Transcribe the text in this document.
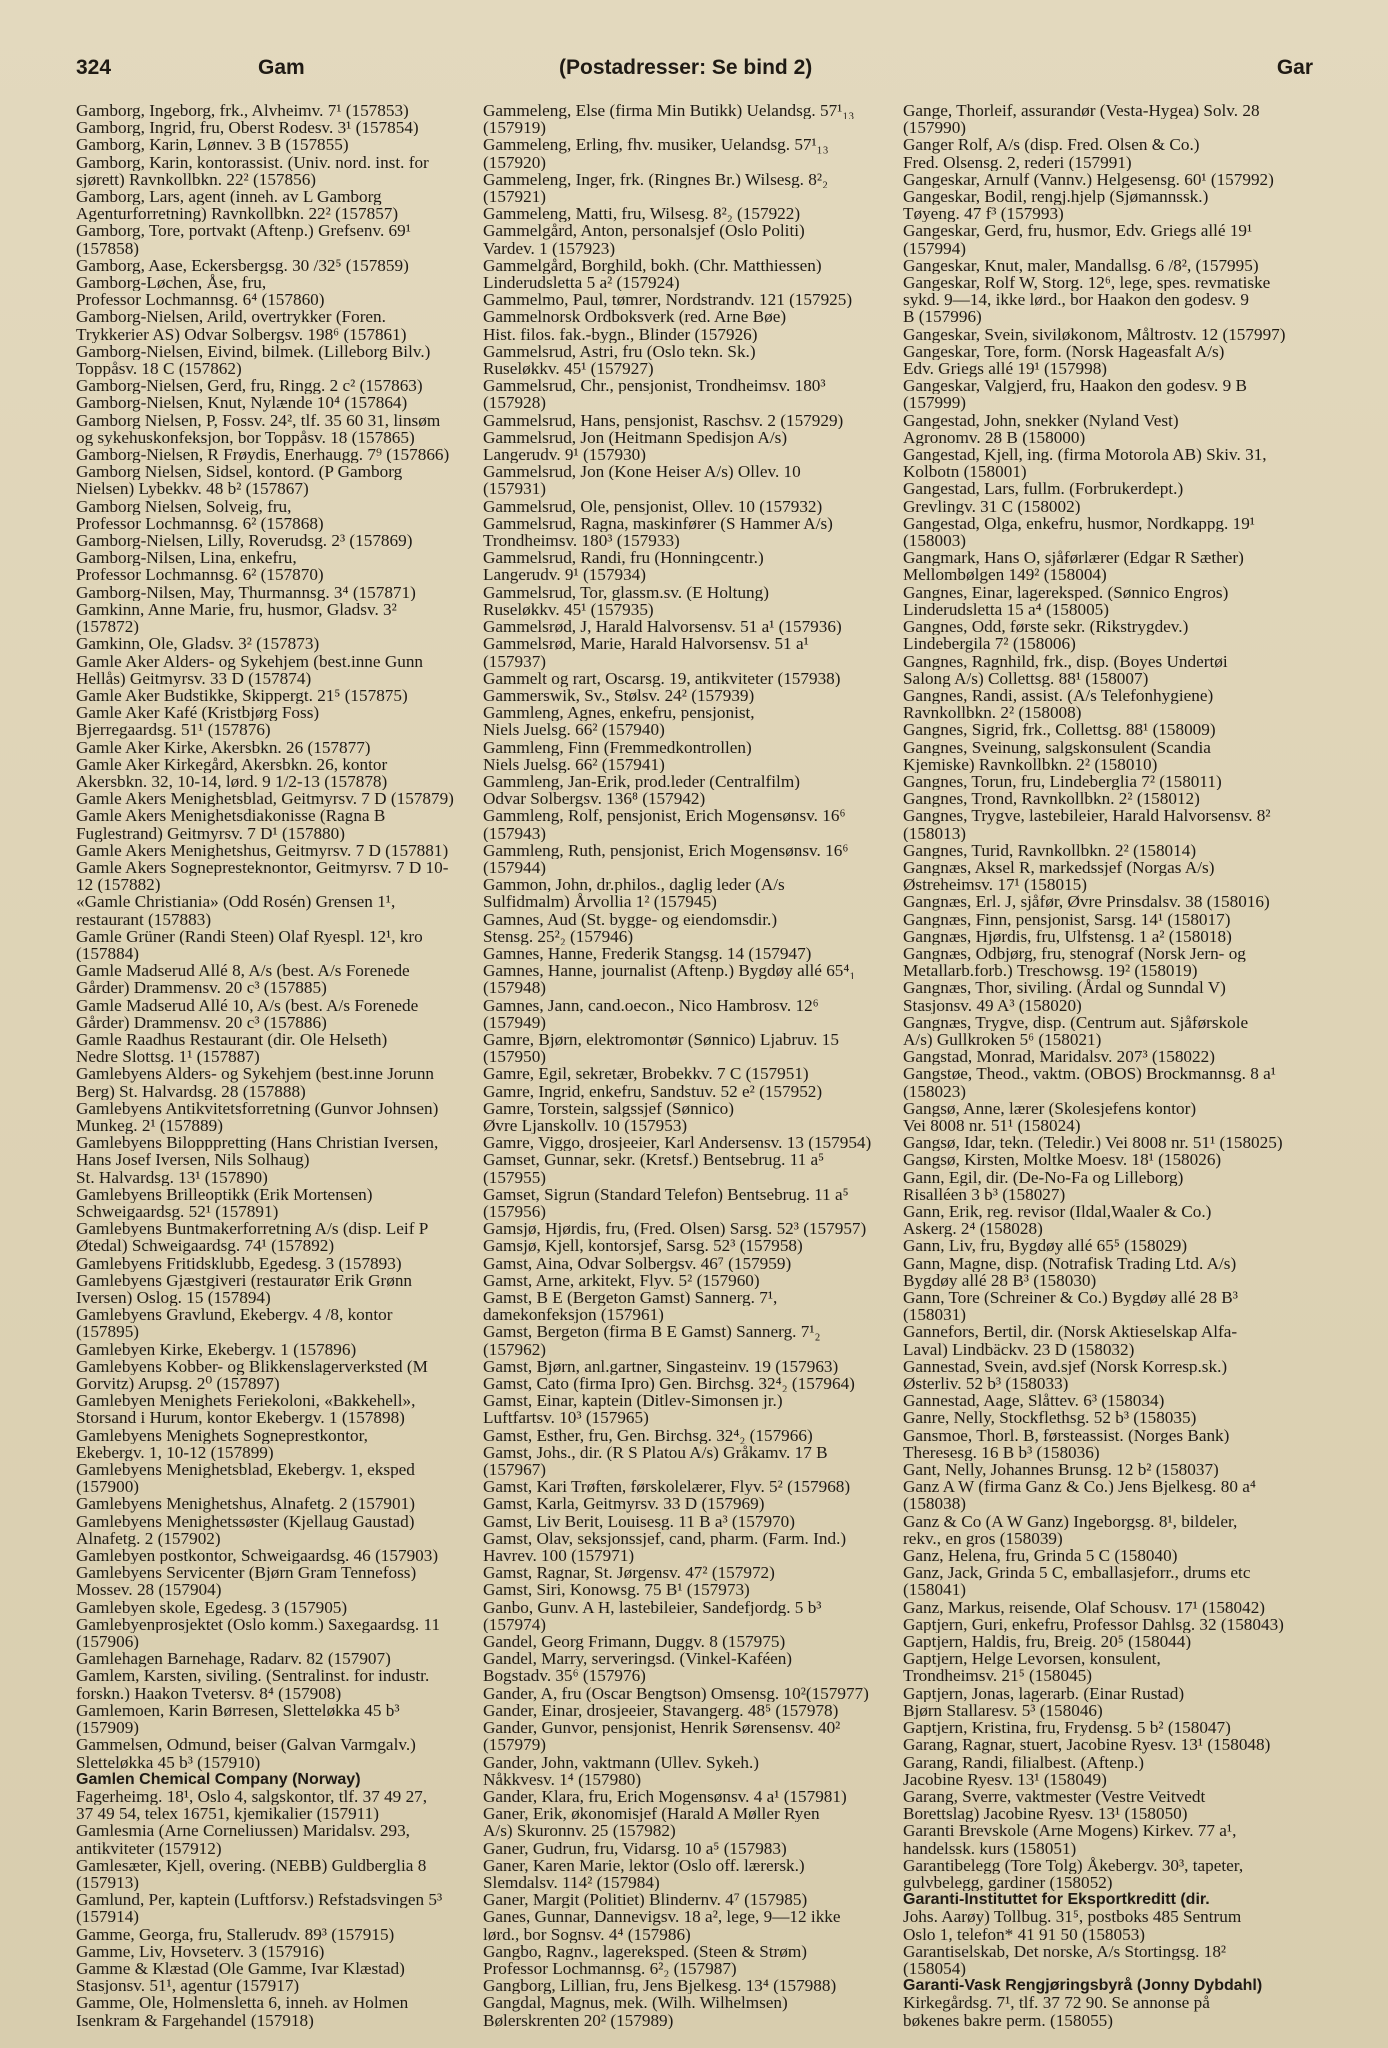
324	Gam	(Postadresser: Se bind 2)	Gar
Gamborg, Ingeborg, frk., Alvheimv. 7¹ (157853)
Gamborg, Ingrid, fru, Oberst Rodesv. 3¹ (157854)
Gamborg, Karin, Lønnev. 3 B (157855)
Gamborg, Karin, kontorassist. (Univ. nord. inst. for
sjørett) Ravnkollbkn. 22² (157856)
Gamborg, Lars, agent (inneh. av L Gamborg
Agenturforretning) Ravnkollbkn. 22² (157857)
Gamborg, Tore, portvakt (Aftenp.) Grefsenv. 69¹
(157858)
Gamborg, Aase, Eckersbergsg. 30 /32⁵ (157859)
Gamborg-Løchen, Åse, fru,
Professor Lochmannsg. 6⁴ (157860)
Gamborg-Nielsen, Arild, overtrykker (Foren.
Trykkerier AS) Odvar Solbergsv. 198⁶ (157861)
Gamborg-Nielsen, Eivind, bilmek. (Lilleborg Bilv.)
Toppåsv. 18 C (157862)
Gamborg-Nielsen, Gerd, fru, Ringg. 2 c² (157863)
Gamborg-Nielsen, Knut, Nylænde 10⁴ (157864)
Gamborg Nielsen, P, Fossv. 24², tlf. 35 60 31, linsøm
og sykehuskonfeksjon, bor Toppåsv. 18 (157865)
Gamborg-Nielsen, R Frøydis, Enerhaugg. 7⁹ (157866)
Gamborg Nielsen, Sidsel, kontord. (P Gamborg
Nielsen) Lybekkv. 48 b² (157867)
Gamborg Nielsen, Solveig, fru,
Professor Lochmannsg. 6² (157868)
Gamborg-Nielsen, Lilly, Roverudsg. 2³ (157869)
Gamborg-Nilsen, Lina, enkefru,
Professor Lochmannsg. 6² (157870)
Gamborg-Nilsen, May, Thurmannsg. 3⁴ (157871)
Gamkinn, Anne Marie, fru, husmor, Gladsv. 3²
(157872)
Gamkinn, Ole, Gladsv. 3² (157873)
Gamle Aker Alders- og Sykehjem (best.inne Gunn
Hellås) Geitmyrsv. 33 D (157874)
Gamle Aker Budstikke, Skippergt. 21⁵ (157875)
Gamle Aker Kafé (Kristbjørg Foss)
Bjerregaardsg. 51¹ (157876)
Gamle Aker Kirke, Akersbkn. 26 (157877)
Gamle Aker Kirkegård, Akersbkn. 26, kontor
Akersbkn. 32, 10-14, lørd. 9 1/2-13 (157878)
Gamle Akers Menighetsblad, Geitmyrsv. 7 D (157879)
Gamle Akers Menighetsdiakonisse (Ragna B
Fuglestrand) Geitmyrsv. 7 D¹ (157880)
Gamle Akers Menighetshus, Geitmyrsv. 7 D (157881)
Gamle Akers Sognepresteknontor, Geitmyrsv. 7 D 10-
12 (157882)
«Gamle Christiania» (Odd Rosén) Grensen 1¹,
restaurant (157883)
Gamle Grüner (Randi Steen) Olaf Ryespl. 12¹, kro
(157884)
Gamle Madserud Allé 8, A/s (best. A/s Forenede
Gårder) Drammensv. 20 c³ (157885)
Gamle Madserud Allé 10, A/s (best. A/s Forenede
Gårder) Drammensv. 20 c³ (157886)
Gamle Raadhus Restaurant (dir. Ole Helseth)
Nedre Slottsg. 1¹ (157887)
Gamlebyens Alders- og Sykehjem (best.inne Jorunn
Berg) St. Halvardsg. 28 (157888)
Gamlebyens Antikvitetsforretning (Gunvor Johnsen)
Munkeg. 2¹ (157889)
Gamlebyens Bilopppretting (Hans Christian Iversen,
Hans Josef Iversen, Nils Solhaug)
St. Halvardsg. 13¹ (157890)
Gamlebyens Brilleoptikk (Erik Mortensen)
Schweigaardsg. 52¹ (157891)
Gamlebyens Buntmakerforretning A/s (disp. Leif P
Øtedal) Schweigaardsg. 74¹ (157892)
Gamlebyens Fritidsklubb, Egedesg. 3 (157893)
Gamlebyens Gjæstgiveri (restauratør Erik Grønn
Iversen) Oslog. 15 (157894)
Gamlebyens Gravlund, Ekebergv. 4 /8, kontor
(157895)
Gamlebyen Kirke, Ekebergv. 1 (157896)
Gamlebyens Kobber- og Blikkenslagerverksted (M
Gorvitz) Arupsg. 2⁰ (157897)
Gamlebyen Menighets Feriekoloni, «Bakkehell»,
Storsand i Hurum, kontor Ekebergv. 1 (157898)
Gamlebyens Menighets Sogneprestkontor,
Ekebergv. 1, 10-12 (157899)
Gamlebyens Menighetsblad, Ekebergv. 1, eksped
(157900)
Gamlebyens Menighetshus, Alnafetg. 2 (157901)
Gamlebyens Menighetssøster (Kjellaug Gaustad)
Alnafetg. 2 (157902)
Gamlebyen postkontor, Schweigaardsg. 46 (157903)
Gamlebyens Servicenter (Bjørn Gram Tennefoss)
Mossev. 28 (157904)
Gamlebyen skole, Egedesg. 3 (157905)
Gamlebyenprosjektet (Oslo komm.) Saxegaardsg. 11
(157906)
Gamlehagen Barnehage, Radarv. 82 (157907)
Gamlem, Karsten, siviling. (Sentralinst. for industr.
forskn.) Haakon Tvetersv. 8⁴ (157908)
Gamlemoen, Karin Børresen, Sletteløkka 45 b³
(157909)
Gammelsen, Odmund, beiser (Galvan Varmgalv.)
Sletteløkka 45 b³ (157910)
Gamlen Chemical Company (Norway)
Fagerheimg. 18¹, Oslo 4, salgskontor, tlf. 37 49 27,
37 49 54, telex 16751, kjemikalier (157911)
Gamlesmia (Arne Corneliussen) Maridalsv. 293,
antikviteter (157912)
Gamlesæter, Kjell, overing. (NEBB) Guldberglia 8
(157913)
Gamlund, Per, kaptein (Luftforsv.) Refstadsvingen 5³
(157914)
Gamme, Georga, fru, Stallerudv. 89³ (157915)
Gamme, Liv, Hovseterv. 3 (157916)
Gamme & Klæstad (Ole Gamme, Ivar Klæstad)
Stasjonsv. 51¹, agentur (157917)
Gamme, Ole, Holmensletta 6, inneh. av Holmen
Isenkram & Fargehandel (157918)
Gammeleng, Else (firma Min Butikk) Uelandsg. 57¹₁₃
(157919)
Gammeleng, Erling, fhv. musiker, Uelandsg. 57¹₁₃
(157920)
Gammeleng, Inger, frk. (Ringnes Br.) Wilsesg. 8²₂
(157921)
Gammeleng, Matti, fru, Wilsesg. 8²₂ (157922)
Gammelgård, Anton, personalsjef (Oslo Politi)
Vardev. 1 (157923)
Gammelgård, Borghild, bokh. (Chr. Matthiessen)
Linderudsletta 5 a² (157924)
Gammelmo, Paul, tømrer, Nordstrandv. 121 (157925)
Gammelnorsk Ordboksverk (red. Arne Bøe)
Hist. filos. fak.-bygn., Blinder (157926)
Gammelsrud, Astri, fru (Oslo tekn. Sk.)
Ruseløkkv. 45¹ (157927)
Gammelsrud, Chr., pensjonist, Trondheimsv. 180³
(157928)
Gammelsrud, Hans, pensjonist, Raschsv. 2 (157929)
Gammelsrud, Jon (Heitmann Spedisjon A/s)
Langerudv. 9¹ (157930)
Gammelsrud, Jon (Kone Heiser A/s) Ollev. 10
(157931)
Gammelsrud, Ole, pensjonist, Ollev. 10 (157932)
Gammelsrud, Ragna, maskinfører (S Hammer A/s)
Trondheimsv. 180³ (157933)
Gammelsrud, Randi, fru (Honningcentr.)
Langerudv. 9¹ (157934)
Gammelsrud, Tor, glassm.sv. (E Holtung)
Ruseløkkv. 45¹ (157935)
Gammelsrød, J, Harald Halvorsensv. 51 a¹ (157936)
Gammelsrød, Marie, Harald Halvorsensv. 51 a¹
(157937)
Gammelt og rart, Oscarsg. 19, antikviteter (157938)
Gammerswik, Sv., Stølsv. 24² (157939)
Gammleng, Agnes, enkefru, pensjonist,
Niels Juelsg. 66² (157940)
Gammleng, Finn (Fremmedkontrollen)
Niels Juelsg. 66² (157941)
Gammleng, Jan-Erik, prod.leder (Centralfilm)
Odvar Solbergsv. 136⁸ (157942)
Gammleng, Rolf, pensjonist, Erich Mogensønsv. 16⁶
(157943)
Gammleng, Ruth, pensjonist, Erich Mogensønsv. 16⁶
(157944)
Gammon, John, dr.philos., daglig leder (A/s
Sulfidmalm) Årvollia 1² (157945)
Gamnes, Aud (St. bygge- og eiendomsdir.)
Stensg. 25²₂ (157946)
Gamnes, Hanne, Frederik Stangsg. 14 (157947)
Gamnes, Hanne, journalist (Aftenp.) Bygdøy allé 65⁴₁
(157948)
Gamnes, Jann, cand.oecon., Nico Hambrosv. 12⁶
(157949)
Gamre, Bjørn, elektromontør (Sønnico) Ljabruv. 15
(157950)
Gamre, Egil, sekretær, Brobekkv. 7 C (157951)
Gamre, Ingrid, enkefru, Sandstuv. 52 e² (157952)
Gamre, Torstein, salgssjef (Sønnico)
Øvre Ljanskollv. 10 (157953)
Gamre, Viggo, drosjeeier, Karl Andersensv. 13 (157954)
Gamset, Gunnar, sekr. (Kretsf.) Bentsebrug. 11 a⁵
(157955)
Gamset, Sigrun (Standard Telefon) Bentsebrug. 11 a⁵
(157956)
Gamsjø, Hjørdis, fru, (Fred. Olsen) Sarsg. 52³ (157957)
Gamsjø, Kjell, kontorsjef, Sarsg. 52³ (157958)
Gamst, Aina, Odvar Solbergsv. 46⁷ (157959)
Gamst, Arne, arkitekt, Flyv. 5² (157960)
Gamst, B E (Bergeton Gamst) Sannerg. 7¹,
damekonfeksjon (157961)
Gamst, Bergeton (firma B E Gamst) Sannerg. 7¹₂
(157962)
Gamst, Bjørn, anl.gartner, Singasteinv. 19 (157963)
Gamst, Cato (firma Ipro) Gen. Birchsg. 32⁴₂ (157964)
Gamst, Einar, kaptein (Ditlev-Simonsen jr.)
Luftfartsv. 10³ (157965)
Gamst, Esther, fru, Gen. Birchsg. 32⁴₂ (157966)
Gamst, Johs., dir. (R S Platou A/s) Gråkamv. 17 B
(157967)
Gamst, Kari Trøften, førskolelærer, Flyv. 5² (157968)
Gamst, Karla, Geitmyrsv. 33 D (157969)
Gamst, Liv Berit, Louisesg. 11 B a³ (157970)
Gamst, Olav, seksjonssjef, cand, pharm. (Farm. Ind.)
Havrev. 100 (157971)
Gamst, Ragnar, St. Jørgensv. 47² (157972)
Gamst, Siri, Konowsg. 75 B¹ (157973)
Ganbo, Gunv. A H, lastebileier, Sandefjordg. 5 b³
(157974)
Gandel, Georg Frimann, Duggv. 8 (157975)
Gandel, Marry, serveringsd. (Vinkel-Kaféen)
Bogstadv. 35⁶ (157976)
Gander, A, fru (Oscar Bengtson) Omsensg. 10²(157977)
Gander, Einar, drosjeeier, Stavangerg. 48⁵ (157978)
Gander, Gunvor, pensjonist, Henrik Sørensensv. 40²
(157979)
Gander, John, vaktmann (Ullev. Sykeh.)
Nåkkvesv. 1⁴ (157980)
Gander, Klara, fru, Erich Mogensønsv. 4 a¹ (157981)
Ganer, Erik, økonomisjef (Harald A Møller Ryen
A/s) Skuronnv. 25 (157982)
Ganer, Gudrun, fru, Vidarsg. 10 a⁵ (157983)
Ganer, Karen Marie, lektor (Oslo off. lærersk.)
Slemdalsv. 114² (157984)
Ganer, Margit (Politiet) Blindernv. 4⁷ (157985)
Ganes, Gunnar, Dannevigsv. 18 a², lege, 9—12 ikke
lørd., bor Sognsv. 4⁴ (157986)
Gangbo, Ragnv., lagereksped. (Steen & Strøm)
Professor Lochmannsg. 6²₂ (157987)
Gangborg, Lillian, fru, Jens Bjelkesg. 13⁴ (157988)
Gangdal, Magnus, mek. (Wilh. Wilhelmsen)
Bølerskrenten 20² (157989)
Gange, Thorleif, assurandør (Vesta-Hygea) Solv. 28
(157990)
Ganger Rolf, A/s (disp. Fred. Olsen & Co.)
Fred. Olsensg. 2, rederi (157991)
Gangeskar, Arnulf (Vannv.) Helgesensg. 60¹ (157992)
Gangeskar, Bodil, rengj.hjelp (Sjømannssk.)
Tøyeng. 47 f³ (157993)
Gangeskar, Gerd, fru, husmor, Edv. Griegs allé 19¹
(157994)
Gangeskar, Knut, maler, Mandallsg. 6 /8², (157995)
Gangeskar, Rolf W, Storg. 12⁶, lege, spes. revmatiske
sykd. 9—14, ikke lørd., bor Haakon den godesv. 9
B (157996)
Gangeskar, Svein, siviløkonom, Måltrostv. 12 (157997)
Gangeskar, Tore, form. (Norsk Hageasfalt A/s)
Edv. Griegs allé 19¹ (157998)
Gangeskar, Valgjerd, fru, Haakon den godesv. 9 B
(157999)
Gangestad, John, snekker (Nyland Vest)
Agronomv. 28 B (158000)
Gangestad, Kjell, ing. (firma Motorola AB) Skiv. 31,
Kolbotn (158001)
Gangestad, Lars, fullm. (Forbrukerdept.)
Grevlingv. 31 C (158002)
Gangestad, Olga, enkefru, husmor, Nordkappg. 19¹
(158003)
Gangmark, Hans O, sjåførlærer (Edgar R Sæther)
Mellombølgen 149² (158004)
Gangnes, Einar, lagereksped. (Sønnico Engros)
Linderudsletta 15 a⁴ (158005)
Gangnes, Odd, første sekr. (Rikstrygdev.)
Lindebergila 7² (158006)
Gangnes, Ragnhild, frk., disp. (Boyes Undertøi
Salong A/s) Collettsg. 88¹ (158007)
Gangnes, Randi, assist. (A/s Telefonhygiene)
Ravnkollbkn. 2² (158008)
Gangnes, Sigrid, frk., Collettsg. 88¹ (158009)
Gangnes, Sveinung, salgskonsulent (Scandia
Kjemiske) Ravnkollbkn. 2² (158010)
Gangnes, Torun, fru, Lindeberglia 7² (158011)
Gangnes, Trond, Ravnkollbkn. 2² (158012)
Gangnes, Trygve, lastebileier, Harald Halvorsensv. 8²
(158013)
Gangnes, Turid, Ravnkollbkn. 2² (158014)
Gangnæs, Aksel R, markedssjef (Norgas A/s)
Østreheimsv. 17¹ (158015)
Gangnæs, Erl. J, sjåfør, Øvre Prinsdalsv. 38 (158016)
Gangnæs, Finn, pensjonist, Sarsg. 14¹ (158017)
Gangnæs, Hjørdis, fru, Ulfstensg. 1 a² (158018)
Gangnæs, Odbjørg, fru, stenograf (Norsk Jern- og
Metallarb.forb.) Treschowsg. 19² (158019)
Gangnæs, Thor, siviling. (Årdal og Sunndal V)
Stasjonsv. 49 A³ (158020)
Gangnæs, Trygve, disp. (Centrum aut. Sjåførskole
A/s) Gullkroken 5⁶ (158021)
Gangstad, Monrad, Maridalsv. 207³ (158022)
Gangstøe, Theod., vaktm. (OBOS) Brockmannsg. 8 a¹
(158023)
Gangsø, Anne, lærer (Skolesjefens kontor)
Vei 8008 nr. 51¹ (158024)
Gangsø, Idar, tekn. (Teledir.) Vei 8008 nr. 51¹ (158025)
Gangsø, Kirsten, Moltke Moesv. 18¹ (158026)
Gann, Egil, dir. (De-No-Fa og Lilleborg)
Risalléen 3 b³ (158027)
Gann, Erik, reg. revisor (Ildal,Waaler & Co.)
Askerg. 2⁴ (158028)
Gann, Liv, fru, Bygdøy allé 65⁵ (158029)
Gann, Magne, disp. (Notrafisk Trading Ltd. A/s)
Bygdøy allé 28 B³ (158030)
Gann, Tore (Schreiner & Co.) Bygdøy allé 28 B³
(158031)
Gannefors, Bertil, dir. (Norsk Aktieselskap Alfa-
Laval) Lindbäckv. 23 D (158032)
Gannestad, Svein, avd.sjef (Norsk Korresp.sk.)
Østerliv. 52 b³ (158033)
Gannestad, Aage, Slåttev. 6³ (158034)
Ganre, Nelly, Stockflethsg. 52 b³ (158035)
Gansmoe, Thorl. B, førsteassist. (Norges Bank)
Theresesg. 16 B b³ (158036)
Gant, Nelly, Johannes Brunsg. 12 b² (158037)
Ganz A W (firma Ganz & Co.) Jens Bjelkesg. 80 a⁴
(158038)
Ganz & Co (A W Ganz) Ingeborgsg. 8¹, bildeler,
rekv., en gros (158039)
Ganz, Helena, fru, Grinda 5 C (158040)
Ganz, Jack, Grinda 5 C, emballasjeforr., drums etc
(158041)
Ganz, Markus, reisende, Olaf Schousv. 17¹ (158042)
Gaptjern, Guri, enkefru, Professor Dahlsg. 32 (158043)
Gaptjern, Haldis, fru, Breig. 20⁵ (158044)
Gaptjern, Helge Levorsen, konsulent,
Trondheimsv. 21⁵ (158045)
Gaptjern, Jonas, lagerarb. (Einar Rustad)
Bjørn Stallaresv. 5³ (158046)
Gaptjern, Kristina, fru, Frydensg. 5 b² (158047)
Garang, Ragnar, stuert, Jacobine Ryesv. 13¹ (158048)
Garang, Randi, filialbest. (Aftenp.)
Jacobine Ryesv. 13¹ (158049)
Garang, Sverre, vaktmester (Vestre Veitvedt
Borettslag) Jacobine Ryesv. 13¹ (158050)
Garanti Brevskole (Arne Mogens) Kirkev. 77 a¹,
handelssk. kurs (158051)
Garantibelegg (Tore Tolg) Åkebergv. 30³, tapeter,
gulvbelegg, gardiner (158052)
Garanti-Instituttet for Eksportkreditt (dir.
Johs. Aarøy) Tollbug. 31⁵, postboks 485 Sentrum
Oslo 1, telefon* 41 91 50 (158053)
Garantiselskab, Det norske, A/s Stortingsg. 18²
(158054)
Garanti-Vask Rengjøringsbyrå (Jonny Dybdahl)
Kirkegårdsg. 7¹, tlf. 37 72 90. Se annonse på
bøkenes bakre perm. (158055)
